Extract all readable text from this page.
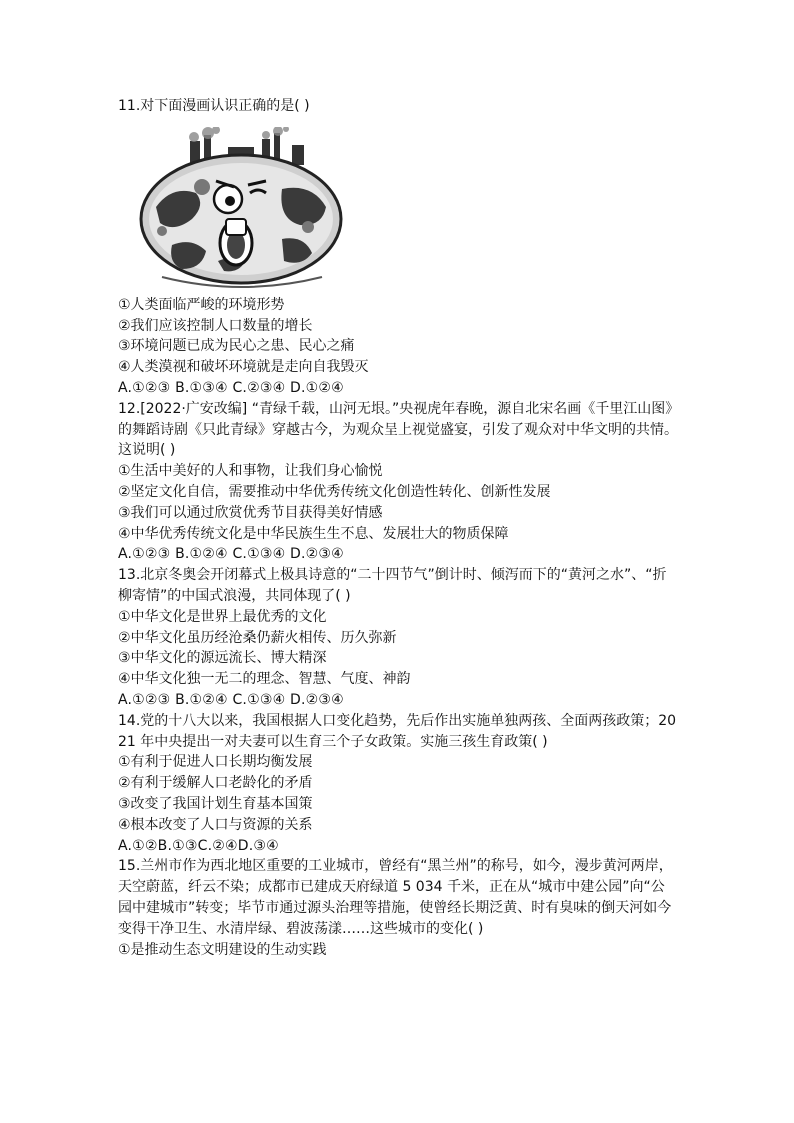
11.对下面漫画认识正确的是( )
①人类面临严峻的环境形势
②我们应该控制人口数量的增长
③环境问题已成为民心之患、民心之痛
④人类漠视和破坏环境就是走向自我毁灭
A.①②③ B.①③④ C.②③④ D.①②④
12.[2022·广安改编] “青绿千载，山河无垠。”央视虎年春晚，源自北宋名画《千里江山图》的舞蹈诗剧《只此青绿》穿越古今，为观众呈上视觉盛宴，引发了观众对中华文明的共情。这说明( )
①生活中美好的人和事物，让我们身心愉悦
②坚定文化自信，需要推动中华优秀传统文化创造性转化、创新性发展
③我们可以通过欣赏优秀节目获得美好情感
④中华优秀传统文化是中华民族生生不息、发展壮大的物质保障
A.①②③ B.①②④ C.①③④ D.②③④
13.北京冬奥会开闭幕式上极具诗意的“二十四节气”倒计时、倾泻而下的“黄河之水”、“折柳寄情”的中国式浪漫，共同体现了( )
①中华文化是世界上最优秀的文化
②中华文化虽历经沧桑仍薪火相传、历久弥新
③中华文化的源远流长、博大精深
④中华文化独一无二的理念、智慧、气度、神韵
A.①②③ B.①②④ C.①③④ D.②③④
14.党的十八大以来，我国根据人口变化趋势，先后作出实施单独两孩、全面两孩政策；2021 年中央提出一对夫妻可以生育三个子女政策。实施三孩生育政策( )
①有利于促进人口长期均衡发展
②有利于缓解人口老龄化的矛盾
③改变了我国计划生育基本国策
④根本改变了人口与资源的关系
A.①②B.①③C.②④D.③④
15.兰州市作为西北地区重要的工业城市，曾经有“黑兰州”的称号，如今，漫步黄河两岸，天空蔚蓝，纤云不染；成都市已建成天府绿道 5 034 千米，正在从“城市中建公园”向“公园中建城市”转变；毕节市通过源头治理等措施，使曾经长期泛黄、时有臭味的倒天河如今变得干净卫生、水清岸绿、碧波荡漾……这些城市的变化( )
①是推动生态文明建设的生动实践
